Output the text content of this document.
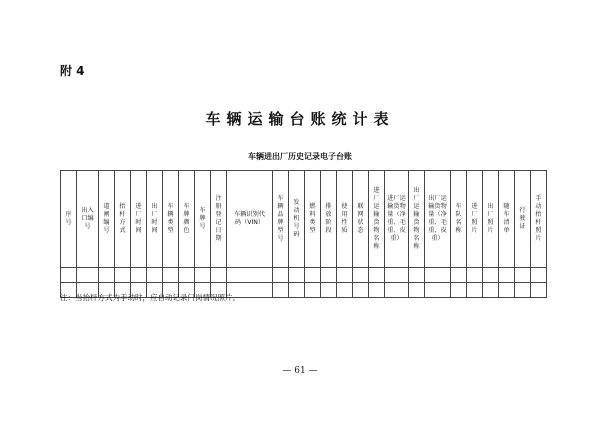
附 4
车辆运输台账统计表
车辆进出厂历史记录电子台账
序号	出入口编号	道闸编号	抬杆方式	进厂时间	出厂时间	车辆类型	车牌颜色	车牌号	注册登记日期	车辆识别代码（VIN）	车辆品牌型号	发动机号码	燃料类型	排放阶段	使用性质	联网状态	进厂运输货物名称	进厂运输货物量（净重、毛重、皮重）	出厂运输货物名称	出厂运输货物量（净重、毛重、皮重）	车队名称	进厂照片	出厂照片	随车清单	行驶证	手动抬杆照片

注：当抬杆方式为手动时，应自动记录门岗情况照片。
— 61 —
